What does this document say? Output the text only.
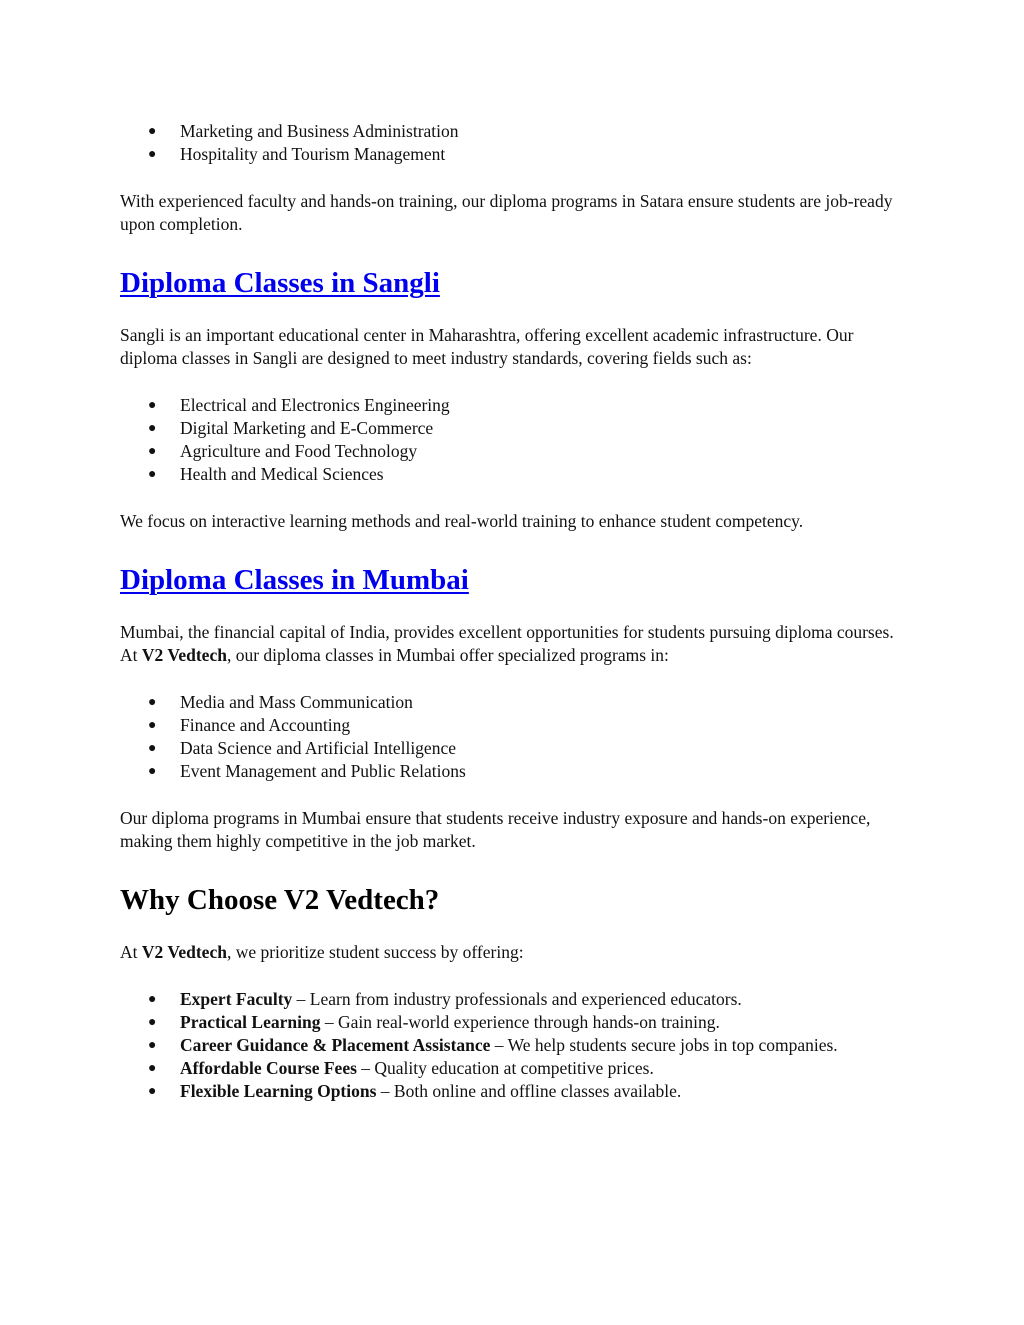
● Marketing and Business Administration
● Hospitality and Tourism Management

With experienced faculty and hands-on training, our diploma programs in Satara ensure students are job-ready upon completion.

Diploma Classes in Sangli

Sangli is an important educational center in Maharashtra, offering excellent academic infrastructure. Our diploma classes in Sangli are designed to meet industry standards, covering fields such as:

● Electrical and Electronics Engineering
● Digital Marketing and E-Commerce
● Agriculture and Food Technology
● Health and Medical Sciences

We focus on interactive learning methods and real-world training to enhance student competency.

Diploma Classes in Mumbai

Mumbai, the financial capital of India, provides excellent opportunities for students pursuing diploma courses. At V2 Vedtech, our diploma classes in Mumbai offer specialized programs in:

● Media and Mass Communication
● Finance and Accounting
● Data Science and Artificial Intelligence
● Event Management and Public Relations

Our diploma programs in Mumbai ensure that students receive industry exposure and hands-on experience, making them highly competitive in the job market.

Why Choose V2 Vedtech?

At V2 Vedtech, we prioritize student success by offering:

● Expert Faculty – Learn from industry professionals and experienced educators.
● Practical Learning – Gain real-world experience through hands-on training.
● Career Guidance & Placement Assistance – We help students secure jobs in top companies.
● Affordable Course Fees – Quality education at competitive prices.
● Flexible Learning Options – Both online and offline classes available.
